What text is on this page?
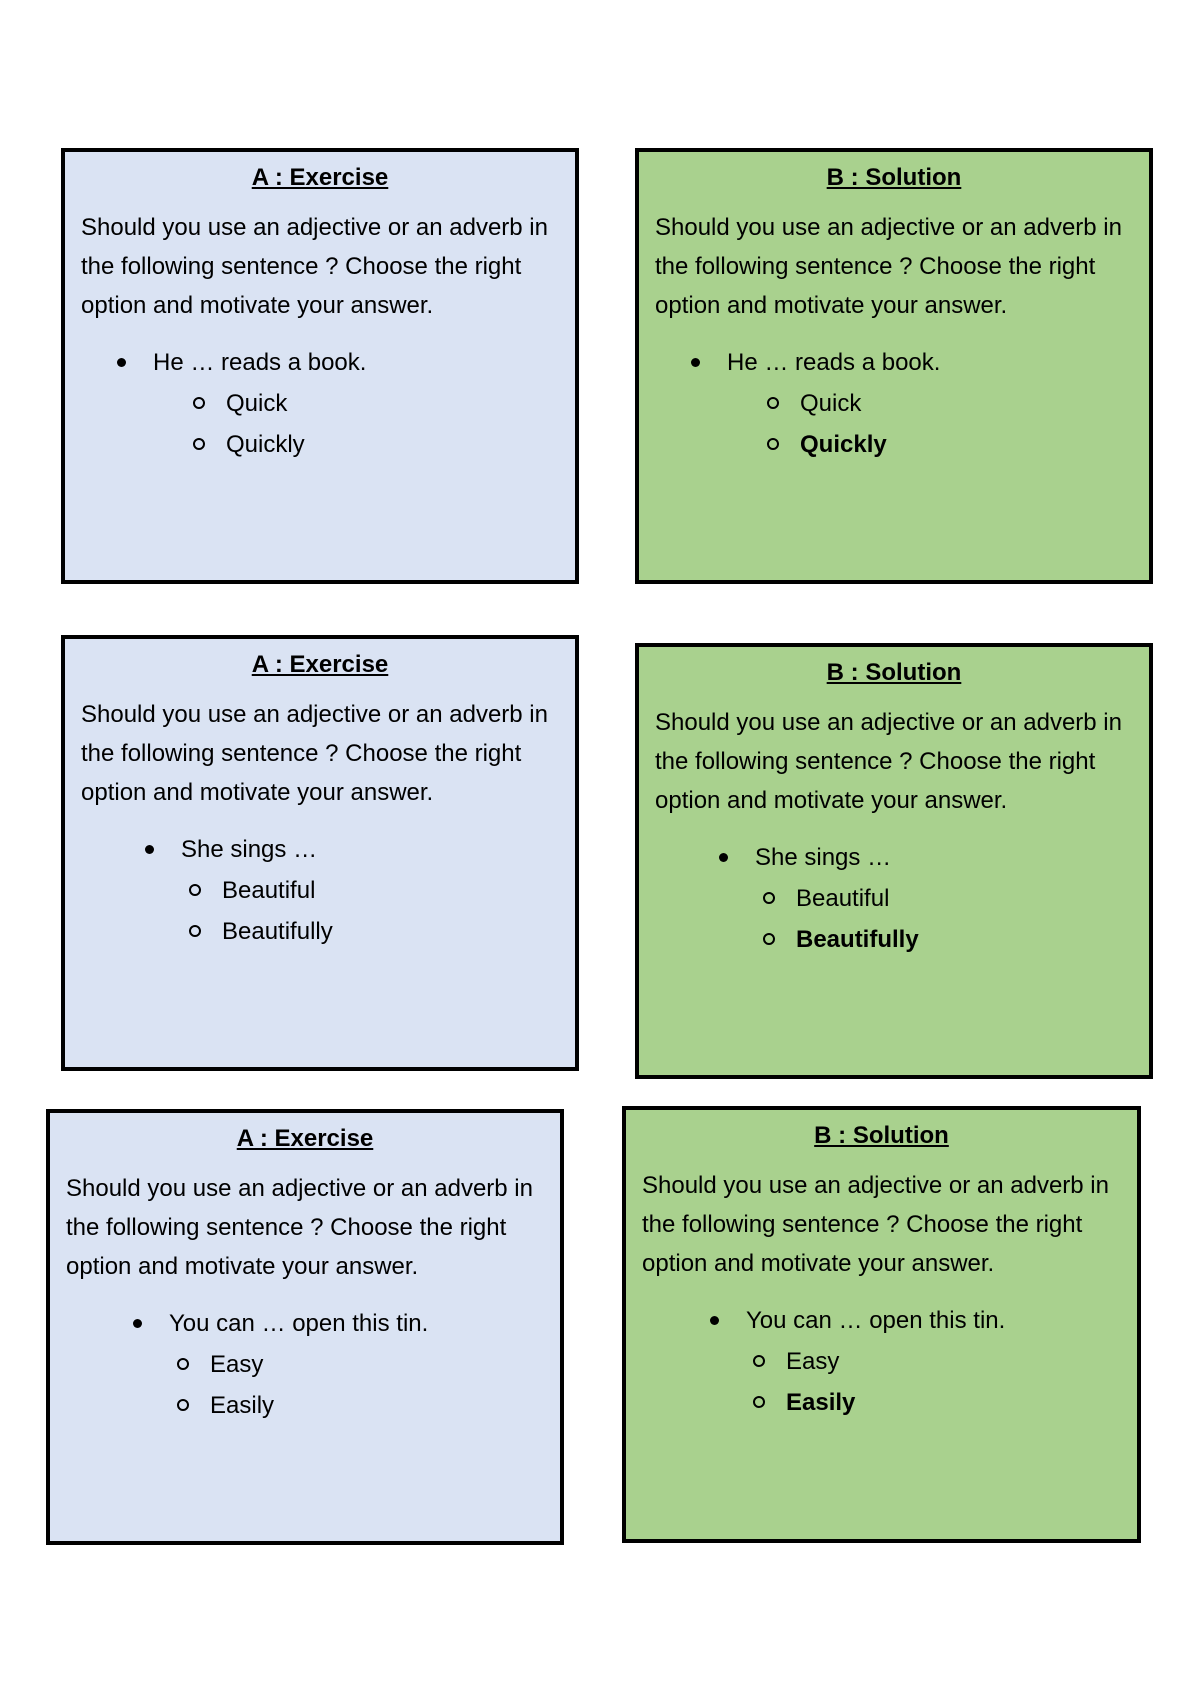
A : Exercise
Should you use an adjective or an adverb in the following sentence ? Choose the right option and motivate your answer.
He … reads a book.
Quick
Quickly
B : Solution
Should you use an adjective or an adverb in the following sentence ? Choose the right option and motivate your answer.
He … reads a book.
Quick
Quickly
A : Exercise
Should you use an adjective or an adverb in the following sentence ? Choose the right option and motivate your answer.
She sings …
Beautiful
Beautifully
B : Solution
Should you use an adjective or an adverb in the following sentence ? Choose the right option and motivate your answer.
She sings …
Beautiful
Beautifully
A : Exercise
Should you use an adjective or an adverb in the following sentence ? Choose the right option and motivate your answer.
You can … open this tin.
Easy
Easily
B : Solution
Should you use an adjective or an adverb in the following sentence ? Choose the right option and motivate your answer.
You can … open this tin.
Easy
Easily
